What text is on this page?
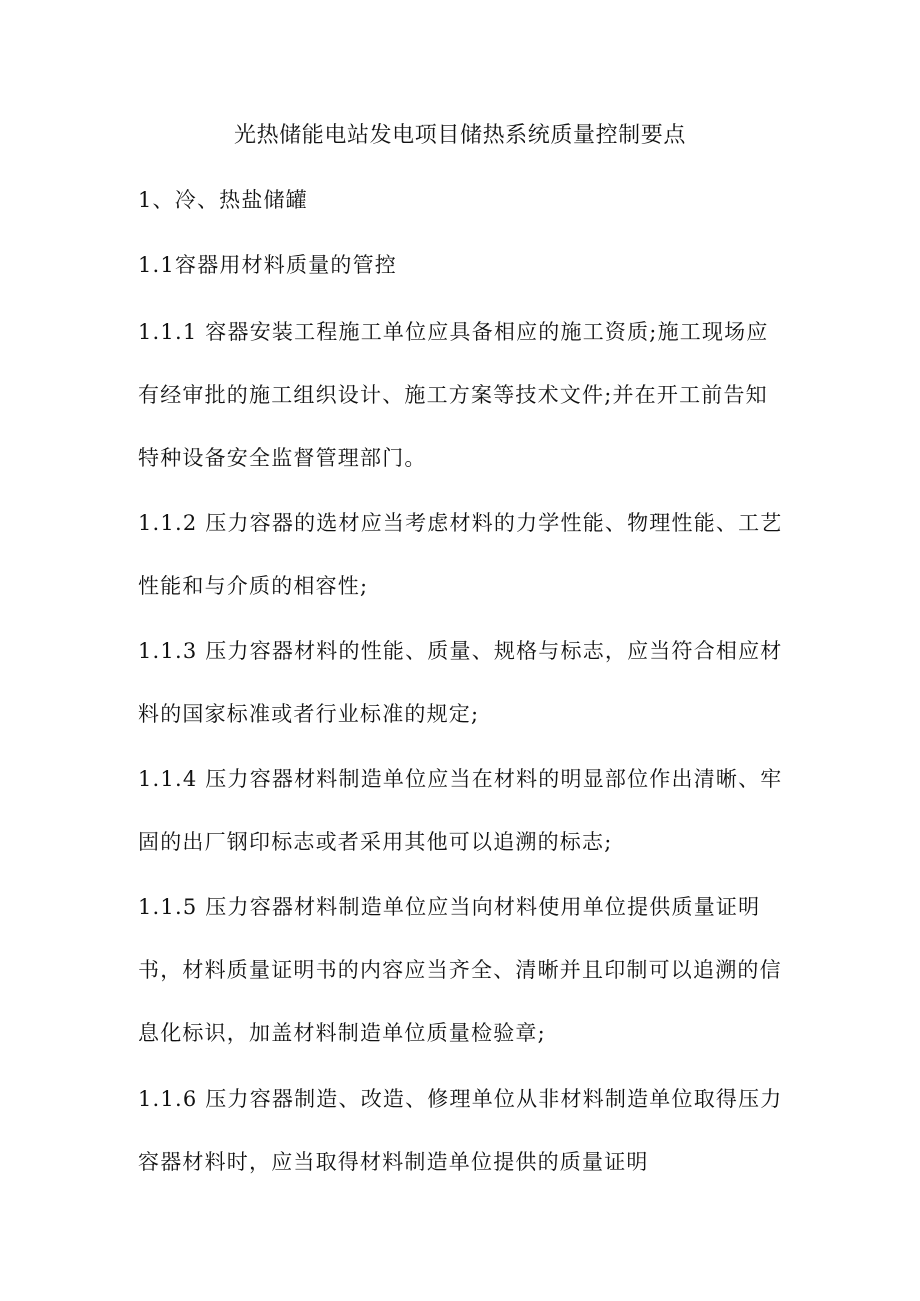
光热储能电站发电项目储热系统质量控制要点
1、冷、热盐储罐
1.1容器用材料质量的管控
1.1.1 容器安装工程施工单位应具备相应的施工资质;施工现场应有经审批的施工组织设计、施工方案等技术文件;并在开工前告知特种设备安全监督管理部门。
1.1.2 压力容器的选材应当考虑材料的力学性能、物理性能、工艺性能和与介质的相容性;
1.1.3 压力容器材料的性能、质量、规格与标志，应当符合相应材料的国家标准或者行业标准的规定;
1.1.4 压力容器材料制造单位应当在材料的明显部位作出清晰、牢固的出厂钢印标志或者采用其他可以追溯的标志;
1.1.5 压力容器材料制造单位应当向材料使用单位提供质量证明书，材料质量证明书的内容应当齐全、清晰并且印制可以追溯的信息化标识，加盖材料制造单位质量检验章;
1.1.6 压力容器制造、改造、修理单位从非材料制造单位取得压力容器材料时，应当取得材料制造单位提供的质量证明
